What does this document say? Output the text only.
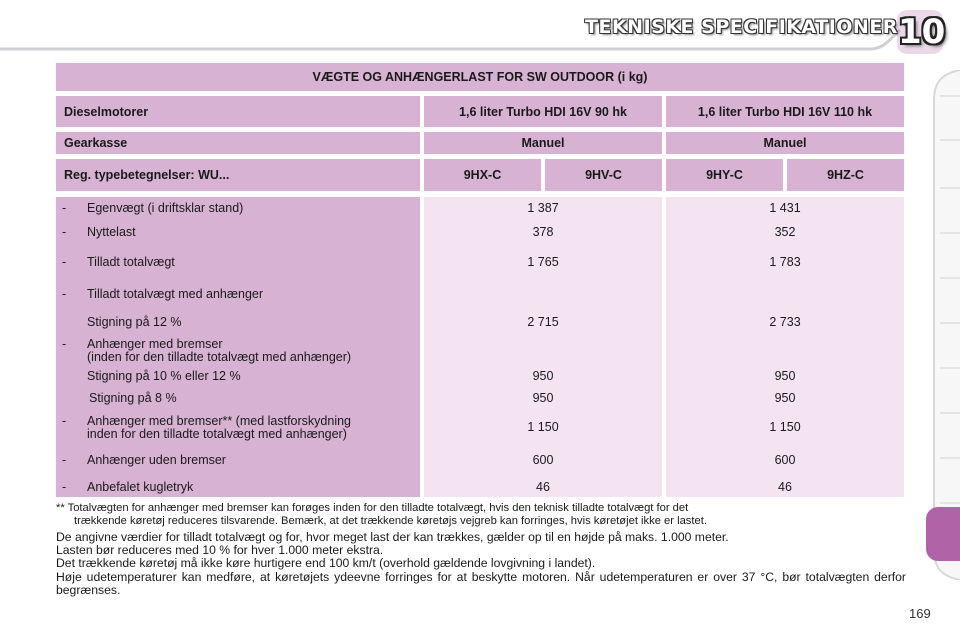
TEKNISKE SPECIFIKATIONER 10
VÆGTE OG ANHÆNGERLAST FOR SW OUTDOOR (i kg)
Dieselmotorer	1,6 liter Turbo HDI 16V 90 hk	1,6 liter Turbo HDI 16V 110 hk
Gearkasse	Manuel	Manuel
Reg. typebetegnelser: WU...	9HX-C	9HV-C	9HY-C	9HZ-C
- Egenvægt (i driftsklar stand)	1 387	1 431
- Nyttelast	378	352
- Tilladt totalvægt	1 765	1 783
- Tilladt totalvægt med anhænger
Stigning på 12 %	2 715	2 733
- Anhænger med bremser
(inden for den tilladte totalvægt med anhænger)
Stigning på 10 % eller 12 %	950	950
Stigning på 8 %	950	950
- Anhænger med bremser** (med lastforskydning
inden for den tilladte totalvægt med anhænger)	1 150	1 150
- Anhænger uden bremser	600	600
- Anbefalet kugletryk	46	46
** Totalvægten for anhænger med bremser kan forøges inden for den tilladte totalvægt, hvis den teknisk tilladte totalvægt for det
trækkende køretøj reduceres tilsvarende. Bemærk, at det trækkende køretøjs vejgreb kan forringes, hvis køretøjet ikke er lastet.

De angivne værdier for tilladt totalvægt og for, hvor meget last der kan trækkes, gælder op til en højde på maks. 1.000 meter.

Lasten bør reduceres med 10 % for hver 1.000 meter ekstra.

Det trækkende køretøj må ikke køre hurtigere end 100 km/t (overhold gældende lovgivning i landet).

Høje udetemperaturer kan medføre, at køretøjets ydeevne forringes for at beskytte motoren. Når udetemperaturen er over 37 °C, bør totalvægten derfor begrænses.

169
